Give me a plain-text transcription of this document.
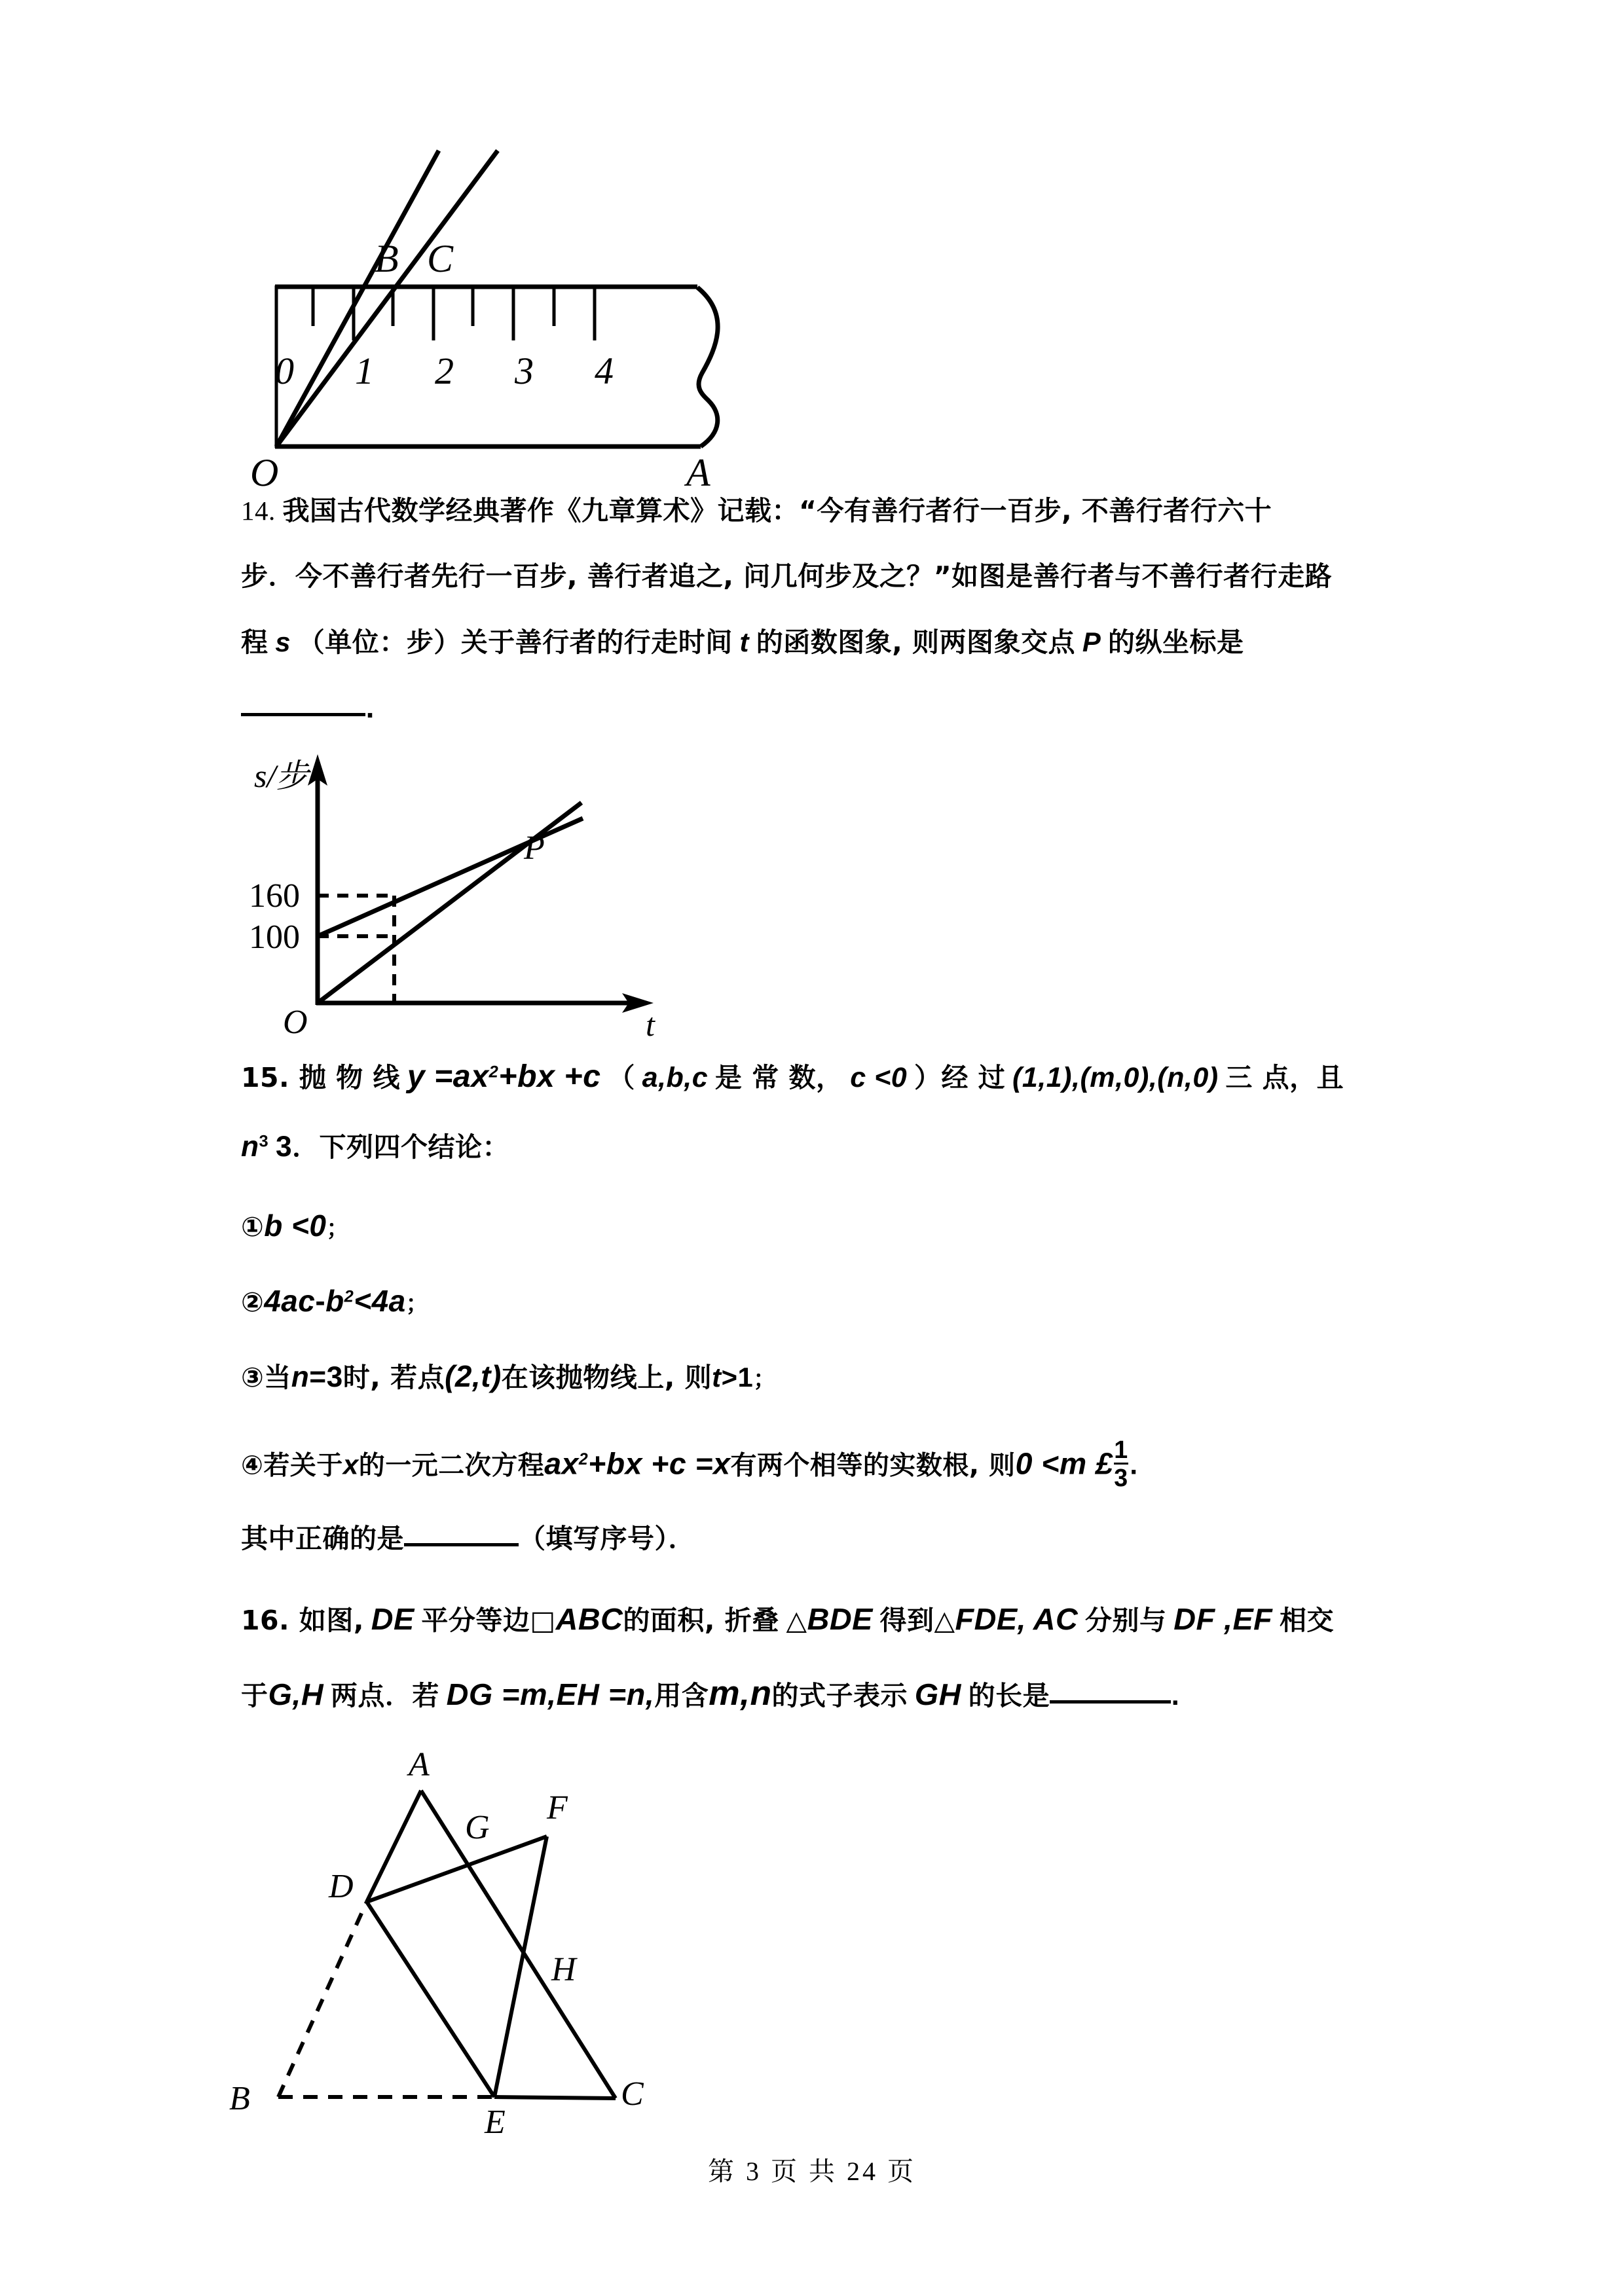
0 1 2 3 4
B C
O	A
14. 我国古代数学经典著作《九章算术》记载：“今有善行者行一百步, 不善行者行六十
步．今不善行者先行一百步, 善行者追之, 问几何步及之？”如图是善行者与不善行者行走路
程 s （单位：步）关于善行者的行走时间 t 的函数图象, 则两图象交点 P 的纵坐标是
.
160
100
s/步
t
O
P
15. 抛 物 线 $y =ax^2+bx +c$ （ a,b,c 是 常 数， c <0 ）经 过 (1,1),(m,0),(n,0) 三 点，且
$n^3$ 3．下列四个结论：
①b <0；
$②4ac-b^2<4a$；
③当n=3时, 若点(2,t)在该抛物线上, 则t>1；
④若关于x的一元二次方程$ax^2+bx +c =x$有两个相等的实数根, 则0 <m £ $\frac{1}{3}$ .
其中正确的是	（填写序号）．
16. 如图, DE 平分等边□ABC的面积, 折叠 △BDE 得到△FDE, AC 分别与 DF ,EF 相交
于G,H 两点．若 DG =m,EH =n,用含m,n的式子表示 GH 的长是	.
A
F
G
D
H
B
E
C
第 3 页 共 24 页
